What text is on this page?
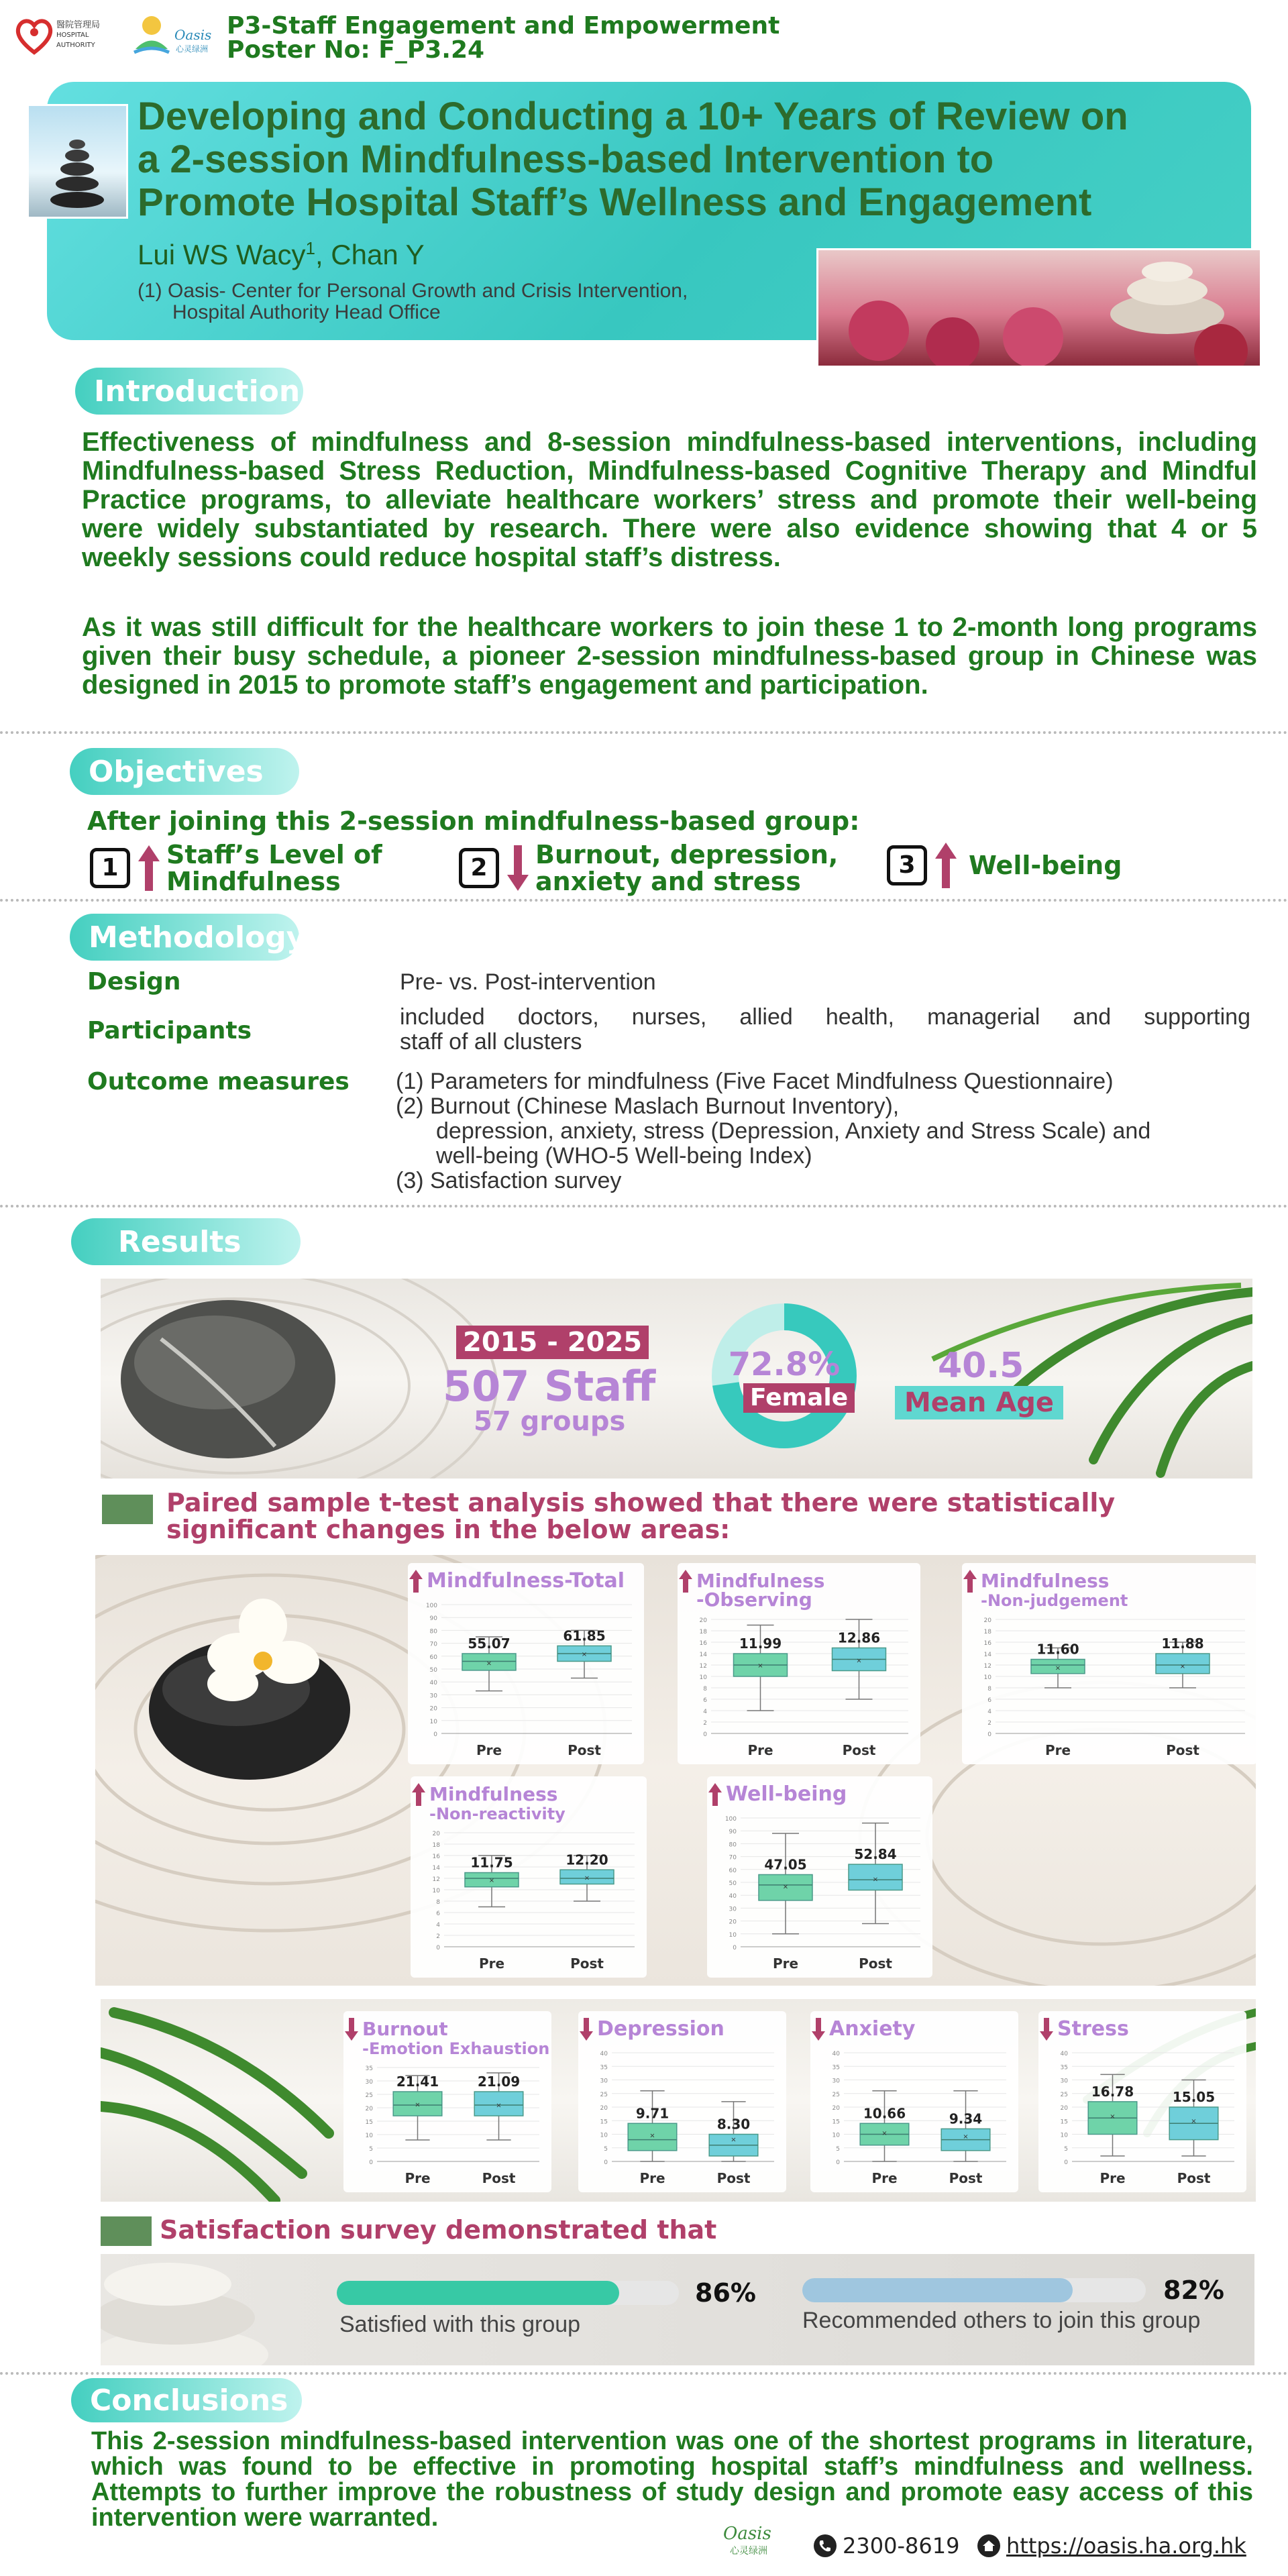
醫院管理局
HOSPITAL
AUTHORITY
Oasis
心灵绿洲
P3-Staff Engagement and Empowerment
Poster No: F_P3.24
Developing and Conducting a 10+ Years of Review on
a 2-session Mindfulness-based Intervention to
Promote Hospital Staff’s Wellness and Engagement
Lui WS Wacy$^1$, Chan Y
(1) Oasis- Center for Personal Growth and Crisis Intervention,
Hospital Authority Head Office
Introduction
Effectiveness of mindfulness and 8-session mindfulness-based interventions, including Mindfulness-based Stress Reduction, Mindfulness-based Cognitive Therapy and Mindful Practice programs, to alleviate healthcare workers’ stress and promote their well-being were widely substantiated by research. There were also evidence showing that 4 or 5 weekly sessions could reduce hospital staff’s distress.
As it was still difficult for the healthcare workers to join these 1 to 2-month long programs given their busy schedule, a pioneer 2-session mindfulness-based group in Chinese was designed in 2015 to promote staff’s engagement and participation.
Objectives
After joining this 2-session mindfulness-based group:
1	Staff’s Level of
Mindfulness	2	Burnout, depression,
anxiety and stress
3	Well-being
Methodology
Design	Pre- vs. Post-intervention
Participants	included doctors, nurses, allied health, managerial and supporting
staff of all clusters
Outcome measures (1) Parameters for mindfulness (Five Facet Mindfulness Questionnaire)
(2) Burnout (Chinese Maslach Burnout Inventory),
depression, anxiety, stress (Depression, Anxiety and Stress Scale) and
well-being (WHO-5 Well-being Index)
(3) Satisfaction survey
Results
2015 - 2025
507 Staff
57 groups
72.8%
Female
40.5
Mean Age
Paired sample t-test analysis showed that there were statistically
significant changes in the below areas:
Mindfulness-Total
0
10
20
30
40
50
60
70
80
90
100
×
55.07
Pre
×
61.85
Post
Mindfulness
-Observing
0
2
4
6
8
10
12
14
16
18
20
×
11.99
Pre
×
12.86
Post
Mindfulness
-Non-judgement
0
2
4
6
8
10
12
14
16
18
20
×
11.60
Pre
×
11.88
Post
Mindfulness
-Non-reactivity
0
2
4
6
8
10
12
14
16
18
20
×
11.75
Pre
×
12.20
Post
Well-being
0
10
20
30
40
50
60
70
80
90
100
×
47.05
Pre
×
52.84
Post
Burnout
-Emotion Exhaustion
0
5
10
15
20
25
30
35
×
21.41
Pre
×
21.09
Post
Depression
0
5
10
15
20
25
30
35
40
×
9.71
Pre
×
8.30
Post
Anxiety
0
5
10
15
20
25
30
35
40
×
10.66
Pre
×
9.34
Post
Stress
0
5
10
15
20
25
30
35
40
×
16.78
Pre
×
15.05
Post
Satisfaction survey demonstrated that
86%
Satisfied with this group
82%
Recommended others to join this group
Conclusions
This 2-session mindfulness-based intervention was one of the shortest programs in literature, which was found to be effective in promoting hospital staff’s mindfulness and wellness. Attempts to further improve the robustness of study design and promote easy access of this intervention were warranted.
Oasis
心灵绿洲	2300-8619 https://oasis.ha.org.hk
